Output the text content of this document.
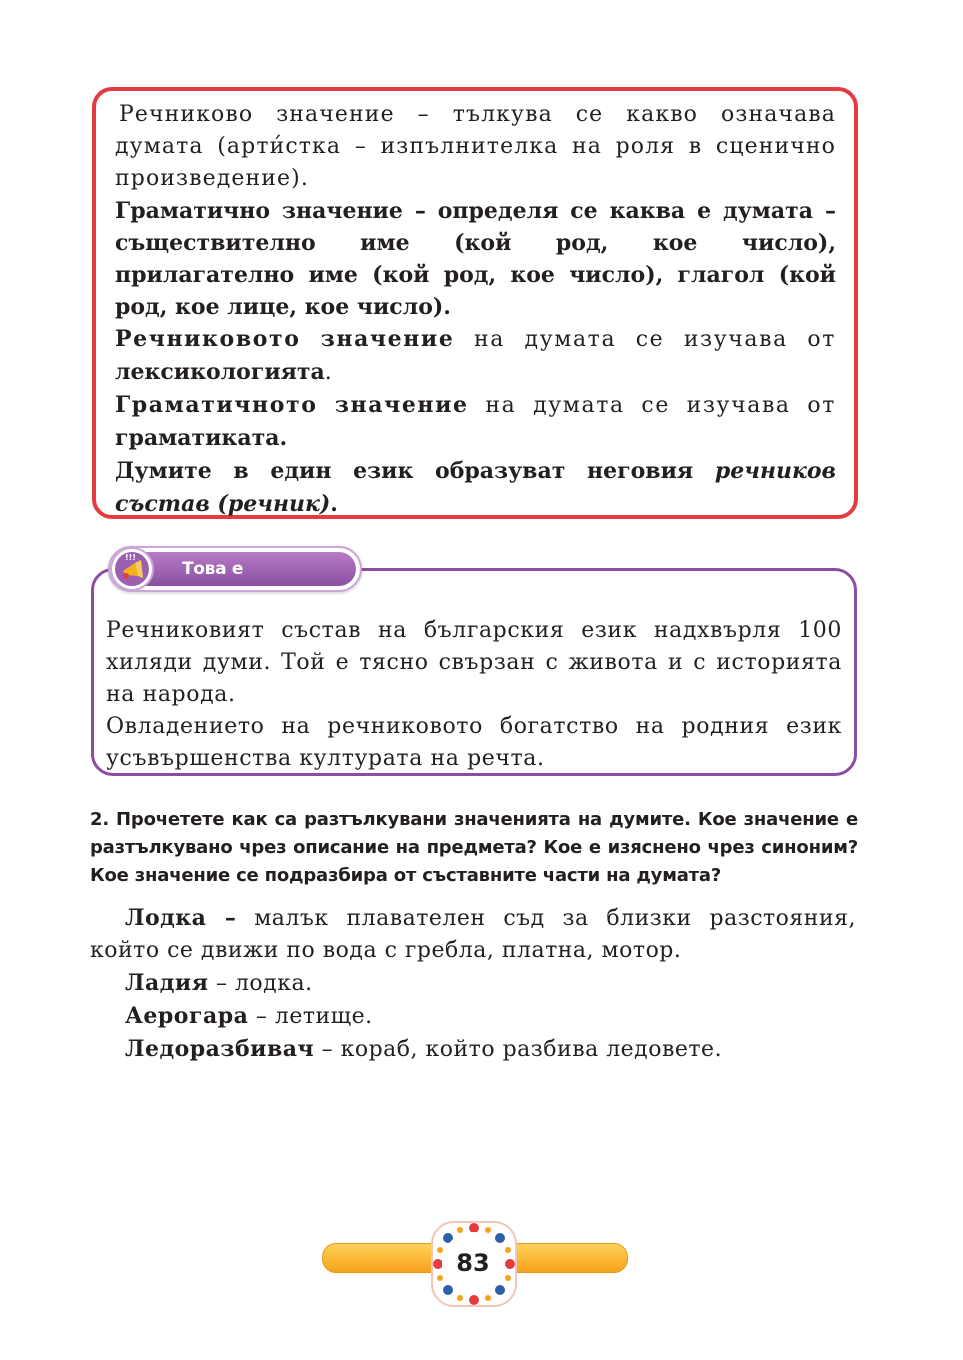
Речниково значение – тълкува се какво означава думата (арти́стка – изпълнителка на роля в сценично произведение).

Граматично значение – определя се каква е думата – съществително име (кой род, кое число), прилагателно име (кой род, кое число), глагол (кой род, кое лице, кое число).

Речниковото значение на думата се изучава от лексикологията.

Граматичното значение на думата се изучава от граматиката.

Думите в един език образуват неговия речников състав (речник).

Речниковият състав на българския език надхвърля 100 хиляди думи. Той е тясно свързан с живота и с историята на народа.

Овладението на речниковото богатство на родния език усъвършенства културата на речта.

!!!
Това е интересно!!!
2. Прочетете как са разтълкувани значенията на думите. Кое значение е разтълкувано чрез описание на предмета? Кое е изяснено чрез синоним? Кое значение се подразбира от съставните части на думата?

Лодка – малък плавателен съд за близки разстояния, който се движи по вода с гребла, платна, мотор.

Ладия – лодка.

Аерогара – летище.

Ледоразбивач – кораб, който разбива ледовете.

83
